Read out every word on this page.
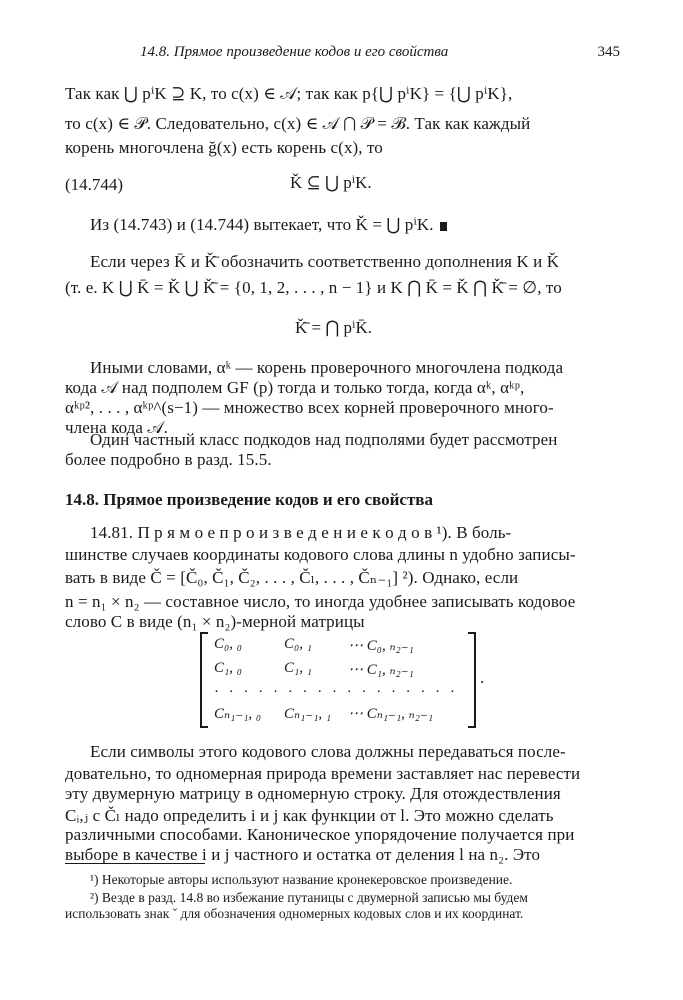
14.8. Прямое произведение кодов и его свойства	345
Так как ⋃ pⁱK ⊇ K, то c(x) ∈ 𝒜; так как p{⋃ pⁱK} = {⋃ pⁱK},
то c(x) ∈ 𝒫. Следовательно, c(x) ∈ 𝒜 ⋂ 𝒫 = ℬ. Так как каждый
корень многочлена ğ(x) есть корень c(x), то
(14.744)	Ǩ ⊆ ⋃ pⁱK.
Из (14.743) и (14.744) вытекает, что Ǩ = ⋃ pⁱK.
Если через K̄ и Ǩ̄ обозначить соответственно дополнения K и Ǩ
(т. е. K ⋃ K̄ = Ǩ ⋃ Ǩ̄ = {0, 1, 2, . . . , n − 1} и K ⋂ K̄ = Ǩ ⋂ Ǩ̄ = ∅, то
Ǩ̄ = ⋂ pⁱK̄.
Иными словами, αᵏ — корень проверочного многочлена подкода
кода 𝒜 над подполем GF (p) тогда и только тогда, когда αᵏ, αᵏᵖ,
αᵏᵖ², . . . , αᵏᵖ^(s−1) — множество всех корней проверочного много-
члена кода 𝒜.
Один частный класс подкодов над подполями будет рассмотрен
более подробно в разд. 15.5.
14.8. Прямое произведение кодов и его свойства
14.81. П р я м о е п р о и з в е д е н и е к о д о в ¹). В боль-
шинстве случаев координаты кодового слова длины n удобно записы-
вать в виде Č = [Č₀, Č₁, Č₂, . . . , Čₗ, . . . , Čₙ₋₁] ²). Однако, если
n = n₁ × n₂ — составное число, то иногда удобнее записывать кодовое
слово C в виде (n₁ × n₂)-мерной матрицы
C₀, ₀	C₀, ₁ ⋯ C₀, ₙ₂₋₁
C₁, ₀	C₁, ₁ ⋯ C₁, ₙ₂₋₁
· · · · · · · · · · · · · · · · ·
Cₙ₁₋₁, ₀ Cₙ₁₋₁, ₁ ⋯ Cₙ₁₋₁, ₙ₂₋₁
.
Если символы этого кодового слова должны передаваться после-
довательно, то одномерная природа времени заставляет нас перевести
эту двумерную матрицу в одномерную строку. Для отождествления
Cᵢ,ⱼ с Čₗ надо определить i и j как функции от l. Это можно сделать
различными способами. Каноническое упорядочение получается при
выборе в качестве i и j частного и остатка от деления l на n₂. Это
¹) Некоторые авторы используют название кронекеровское произведение.
²) Везде в разд. 14.8 во избежание путаницы с двумерной записью мы будем
использовать знак ˇ для обозначения одномерных кодовых слов и их координат.
